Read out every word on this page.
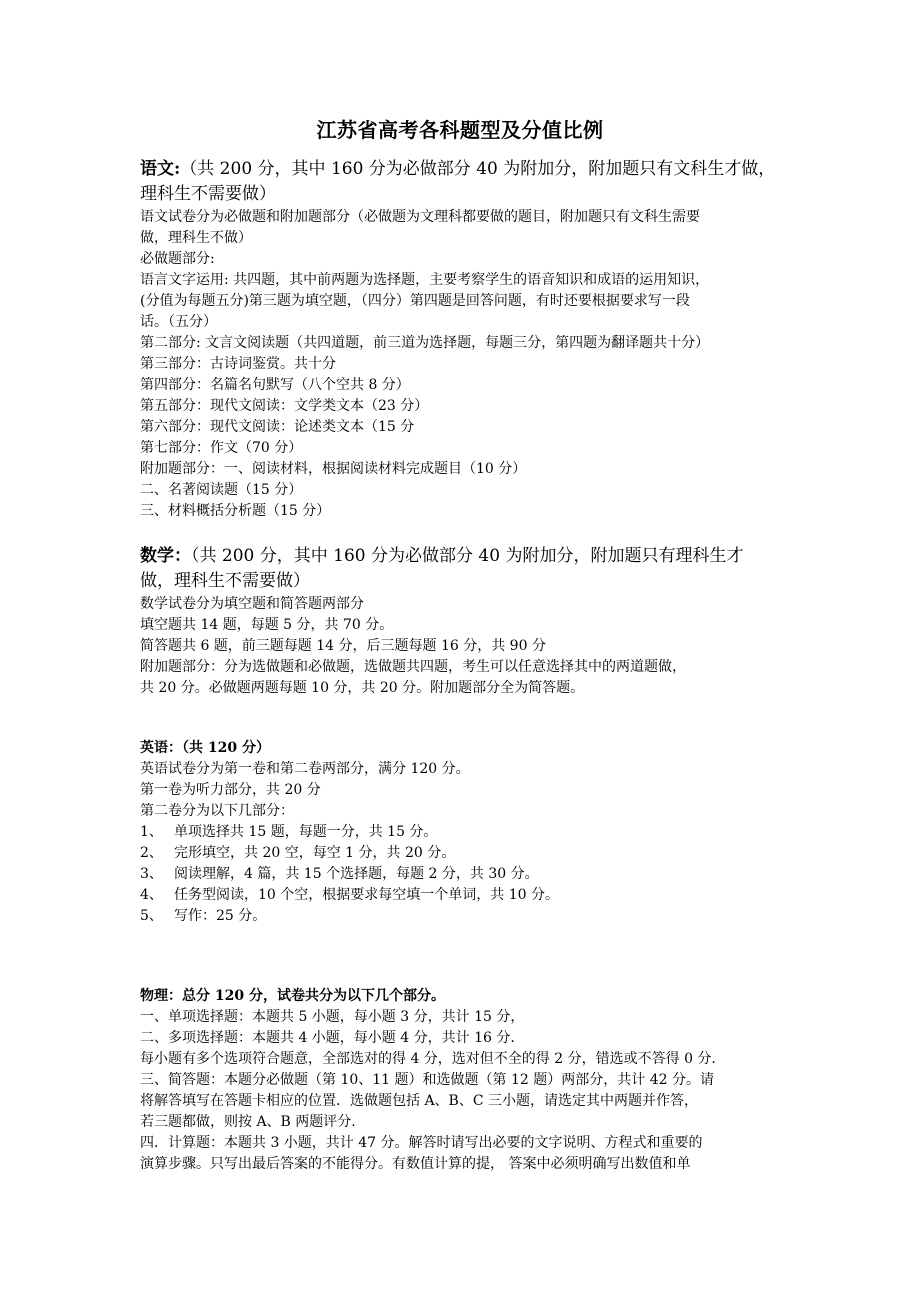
江苏省高考各科题型及分值比例
语文:（共 200 分，其中 160 分为必做部分 40 为附加分，附加题只有文科生才做，
理科生不需要做）
语文试卷分为必做题和附加题部分（必做题为文理科都要做的题目，附加题只有文科生需要
做，理科生不做）
必做题部分:
语言文字运用: 共四题，其中前两题为选择题，主要考察学生的语音知识和成语的运用知识，
(分值为每题五分)第三题为填空题，（四分）第四题是回答问题，有时还要根据要求写一段
话。（五分）
第二部分: 文言文阅读题（共四道题，前三道为选择题，每题三分，第四题为翻译题共十分）
第三部分：古诗词鉴赏。共十分
第四部分：名篇名句默写（八个空共 8 分）
第五部分：现代文阅读：文学类文本（23 分）
第六部分：现代文阅读：论述类文本（15 分
第七部分：作文（70 分）
附加题部分：一、阅读材料，根据阅读材料完成题目（10 分）
二、名著阅读题（15 分）
三、材料概括分析题（15 分）
数学：（共 200 分，其中 160 分为必做部分 40 为附加分，附加题只有理科生才
做，理科生不需要做）
数学试卷分为填空题和简答题两部分
填空题共 14 题，每题 5 分，共 70 分。
简答题共 6 题，前三题每题 14 分，后三题每题 16 分，共 90 分
附加题部分：分为选做题和必做题，选做题共四题，考生可以任意选择其中的两道题做，
共 20 分。必做题两题每题 10 分，共 20 分。附加题部分全为简答题。
英语：（共 120 分）
英语试卷分为第一卷和第二卷两部分，满分 120 分。
第一卷为听力部分，共 20 分
第二卷分为以下几部分：
1、 单项选择共 15 题，每题一分，共 15 分。
2、 完形填空，共 20 空，每空 1 分，共 20 分。
3、 阅读理解，4 篇，共 15 个选择题，每题 2 分，共 30 分。
4、 任务型阅读，10 个空，根据要求每空填一个单词，共 10 分。
5、 写作：25 分。
物理：总分 120 分，试卷共分为以下几个部分。
一、单项选择题：本题共 5 小题，每小题 3 分，共计 15 分，
二、多项选择题：本题共 4 小题，每小题 4 分，共计 16 分.
每小题有多个选项符合题意，全部选对的得 4 分，选对但不全的得 2 分，错选或不答得 0 分.
三、简答题：本题分必做题（第 10、11 题）和选做题（第 12 题）两部分，共计 42 分。请
将解答填写在答题卡相应的位置．选做题包括 A、B、C 三小题，请选定其中两题并作答，
若三题都做，则按 A、B 两题评分.
四．计算题：本题共 3 小题，共计 47 分。解答时请写出必要的文字说明、方程式和重要的
演算步骤。只写出最后答案的不能得分。有数值计算的提， 答案中必须明确写出数值和单
